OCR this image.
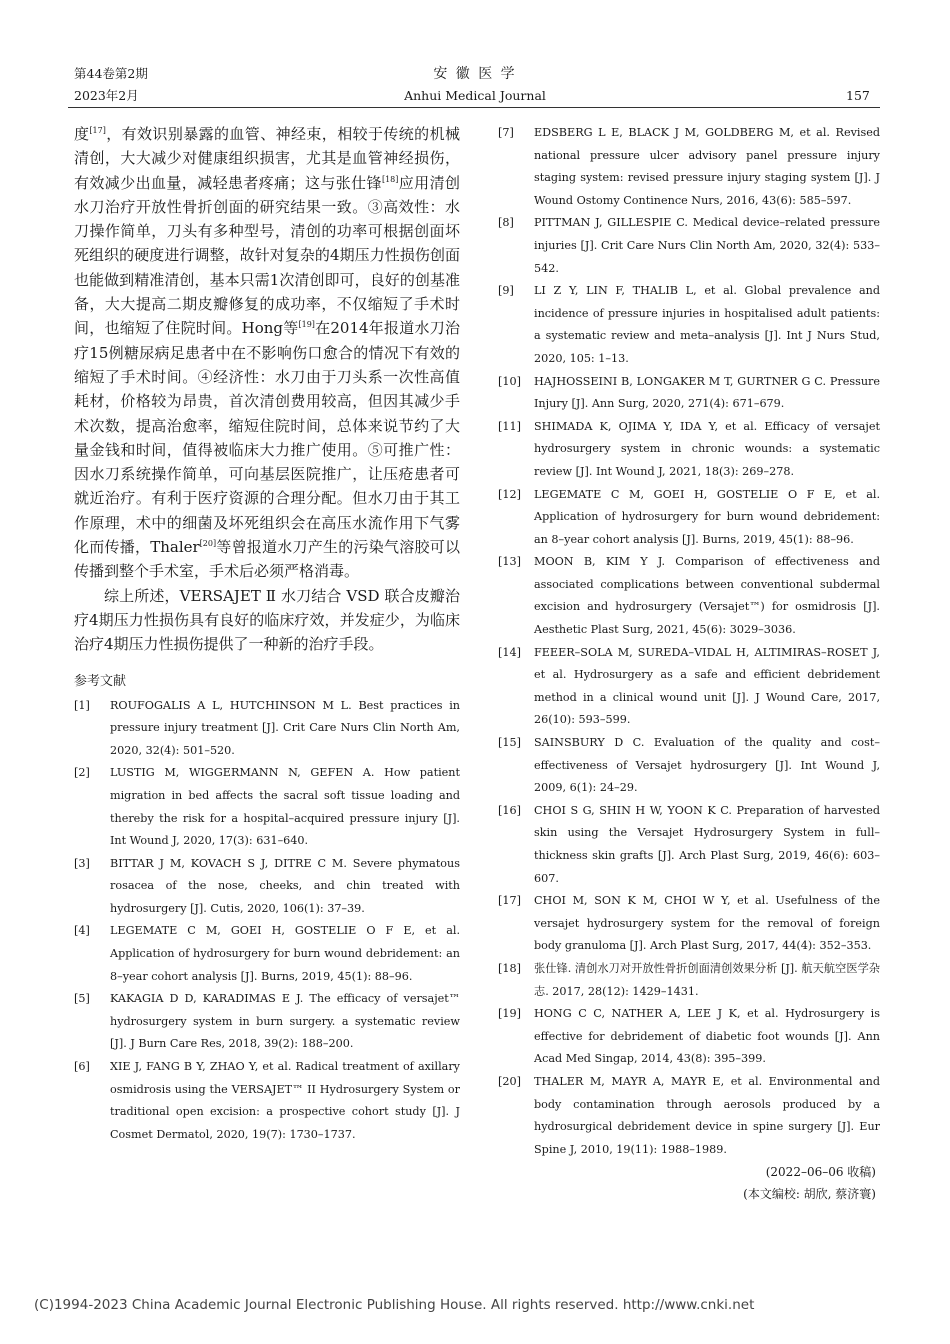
第44卷第2期
2023年2月
安 徽 医 学
Anhui Medical Journal	157

度[17]，有效识别暴露的血管、神经束，相较于传统的机械清创，大大减少对健康组织损害，尤其是血管神经损伤，有效减少出血量，减轻患者疼痛；这与张仕锋[18]应用清创水刀治疗开放性骨折创面的研究结果一致。③高效性：水刀操作简单，刀头有多种型号，清创的功率可根据创面坏死组织的硬度进行调整，故针对复杂的4期压力性损伤创面也能做到精准清创，基本只需1次清创即可，良好的创基准备，大大提高二期皮瓣修复的成功率，不仅缩短了手术时间，也缩短了住院时间。Hong等[19]在2014年报道水刀治疗15例糖尿病足患者中在不影响伤口愈合的情况下有效的缩短了手术时间。④经济性：水刀由于刀头系一次性高值耗材，价格较为昂贵，首次清创费用较高，但因其减少手术次数，提高治愈率，缩短住院时间，总体来说节约了大量金钱和时间，值得被临床大力推广使用。⑤可推广性：因水刀系统操作简单，可向基层医院推广，让压疮患者可就近治疗。有利于医疗资源的合理分配。但水刀由于其工作原理，术中的细菌及坏死组织会在高压水流作用下气雾化而传播，Thaler[20]等曾报道水刀产生的污染气溶胶可以传播到整个手术室，手术后必须严格消毒。

综上所述，VERSAJET Ⅱ 水刀结合 VSD 联合皮瓣治疗4期压力性损伤具有良好的临床疗效，并发症少，为临床治疗4期压力性损伤提供了一种新的治疗手段。

参考文献
[1] ROUFOGALIS A L, HUTCHINSON M L. Best practices in pressure injury treatment [J]. Crit Care Nurs Clin North Am, 2020, 32(4): 501–520.
[2] LUSTIG M, WIGGERMANN N, GEFEN A. How patient migration in bed affects the sacral soft tissue loading and thereby the risk for a hospital–acquired pressure injury [J]. Int Wound J, 2020, 17(3): 631–640.
[3] BITTAR J M, KOVACH S J, DITRE C M. Severe phymatous rosacea of the nose, cheeks, and chin treated with hydrosurgery [J]. Cutis, 2020, 106(1): 37–39.
[4] LEGEMATE C M, GOEI H, GOSTELIE O F E, et al. Application of hydrosurgery for burn wound debridement: an 8–year cohort analysis [J]. Burns, 2019, 45(1): 88–96.
[5] KAKAGIA D D, KARADIMAS E J. The efficacy of versajet™ hydrosurgery system in burn surgery. a systematic review [J]. J Burn Care Res, 2018, 39(2): 188–200.
[6] XIE J, FANG B Y, ZHAO Y, et al. Radical treatment of axillary osmidrosis using the VERSAJET™ II Hydrosurgery System or traditional open excision: a prospective cohort study [J]. J Cosmet Dermatol, 2020, 19(7): 1730–1737.
[7] EDSBERG L E, BLACK J M, GOLDBERG M, et al. Revised national pressure ulcer advisory panel pressure injury staging system: revised pressure injury staging system [J]. J Wound Ostomy Continence Nurs, 2016, 43(6): 585–597.
[8] PITTMAN J, GILLESPIE C. Medical device–related pressure injuries [J]. Crit Care Nurs Clin North Am, 2020, 32(4): 533–542.
[9] LI Z Y, LIN F, THALIB L, et al. Global prevalence and incidence of pressure injuries in hospitalised adult patients: a systematic review and meta–analysis [J]. Int J Nurs Stud, 2020, 105: 1–13.
[10] HAJHOSSEINI B, LONGAKER M T, GURTNER G C. Pressure Injury [J]. Ann Surg, 2020, 271(4): 671–679.
[11] SHIMADA K, OJIMA Y, IDA Y, et al. Efficacy of versajet hydrosurgery system in chronic wounds: a systematic review [J]. Int Wound J, 2021, 18(3): 269–278.
[12] LEGEMATE C M, GOEI H, GOSTELIE O F E, et al. Application of hydrosurgery for burn wound debridement: an 8–year cohort analysis [J]. Burns, 2019, 45(1): 88–96.
[13] MOON B, KIM Y J. Comparison of effectiveness and associated complications between conventional subdermal excision and hydrosurgery (Versajet™) for osmidrosis [J]. Aesthetic Plast Surg, 2021, 45(6): 3029–3036.
[14] FEEER–SOLA M, SUREDA–VIDAL H, ALTIMIRAS–ROSET J, et al. Hydrosurgery as a safe and efficient debridement method in a clinical wound unit [J]. J Wound Care, 2017, 26(10): 593–599.
[15] SAINSBURY D C. Evaluation of the quality and cost–effectiveness of Versajet hydrosurgery [J]. Int Wound J, 2009, 6(1): 24–29.
[16] CHOI S G, SHIN H W, YOON K C. Preparation of harvested skin using the Versajet Hydrosurgery System in full–thickness skin grafts [J]. Arch Plast Surg, 2019, 46(6): 603–607.
[17] CHOI M, SON K M, CHOI W Y, et al. Usefulness of the versajet hydrosurgery system for the removal of foreign body granuloma [J]. Arch Plast Surg, 2017, 44(4): 352–353.
[18] 张仕锋. 清创水刀对开放性骨折创面清创效果分析 [J]. 航天航空医学杂志. 2017, 28(12): 1429–1431.
[19] HONG C C, NATHER A, LEE J K, et al. Hydrosurgery is effective for debridement of diabetic foot wounds [J]. Ann Acad Med Singap, 2014, 43(8): 395–399.
[20] THALER M, MAYR A, MAYR E, et al. Environmental and body contamination through aerosols produced by a hydrosurgical debridement device in spine surgery [J]. Eur Spine J, 2010, 19(11): 1988–1989.
(2022–06–06 收稿)
(本文编校: 胡欣, 蔡济寰)
(C)1994-2023 China Academic Journal Electronic Publishing House. All rights reserved. http://www.cnki.net
